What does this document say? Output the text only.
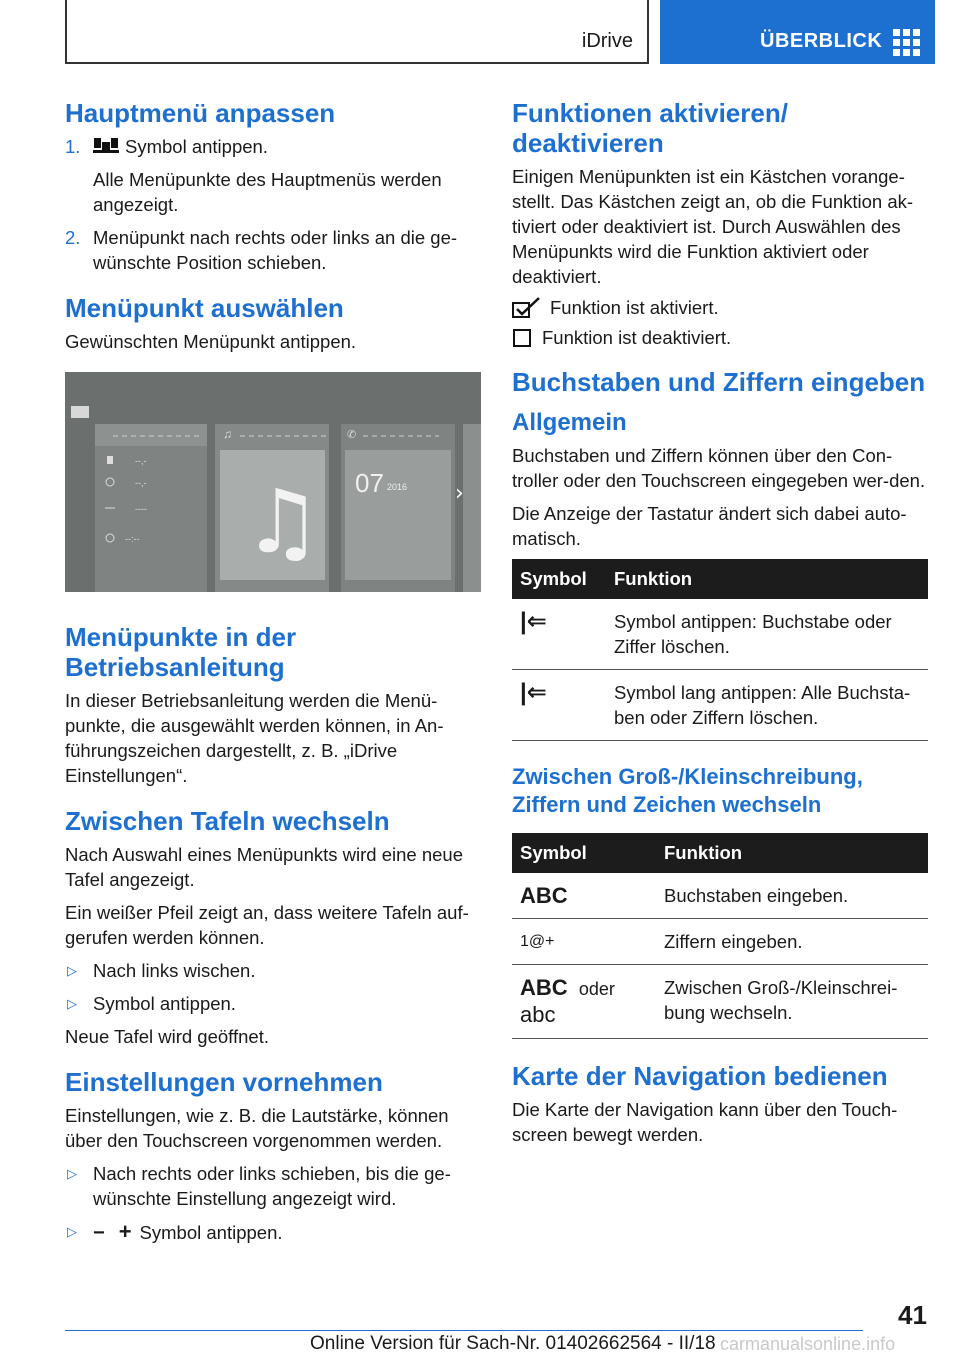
iDrive	ÜBERBLICK
Hauptmenü anpassen
1. Symbol antippen.

Alle Menüpunkte des Hauptmenüs werden angezeigt.

2. Menüpunkt nach rechts oder links an die ge‐wünschte Position schieben.
Menüpunkt auswählen

Gewünschten Menüpunkt antippen.

--,-
--,-
----
--:--
♫
♫
✆
07 2016 ›
Menüpunkte in der Betriebsanleitung

In dieser Betriebsanleitung werden die Menü‐punkte, die ausgewählt werden können, in An‐führungszeichen dargestellt, z. B. „iDrive Einstellungen“.

Zwischen Tafeln wechseln

Nach Auswahl eines Menüpunkts wird eine neue Tafel angezeigt.

Ein weißer Pfeil zeigt an, dass weitere Tafeln auf‐gerufen werden können.

▷ Nach links wischen.
▷ Symbol antippen.

Neue Tafel wird geöffnet.

Einstellungen vornehmen

Einstellungen, wie z. B. die Lautstärke, können über den Touchscreen vorgenommen werden.

▷ Nach rechts oder links schieben, bis die ge‐wünschte Einstellung angezeigt wird.
▷ − + Symbol antippen.
Funktionen aktivieren/ deaktivieren

Einigen Menüpunkten ist ein Kästchen vorange‐stellt. Das Kästchen zeigt an, ob die Funktion ak‐tiviert oder deaktiviert ist. Durch Auswählen des Menüpunkts wird die Funktion aktiviert oder deaktiviert.

Funktion ist aktiviert.
Funktion ist deaktiviert.
Buchstaben und Ziffern eingeben
Allgemein

Buchstaben und Ziffern können über den Con‐troller oder den Touchscreen eingegeben wer‐den.

Die Anzeige der Tastatur ändert sich dabei auto‐matisch.

Symbol	Funktion
|⇐	Symbol antippen: Buchstabe oder Ziffer löschen.
|⇐	Symbol lang antippen: Alle Buchsta‐ben oder Ziffern löschen.
Zwischen Groß-/Kleinschreibung, Ziffern und Zeichen wechseln
Symbol	Funktion
ABC	Buchstaben eingeben.
1@+	Ziffern eingeben.
ABC oder
abc	Zwischen Groß-/Kleinschrei‐bung wechseln.
Karte der Navigation bedienen

Die Karte der Navigation kann über den Touch‐screen bewegt werden.

41
Online Version für Sach-Nr. 01402662564 - II/18 carmanualsonline.info
